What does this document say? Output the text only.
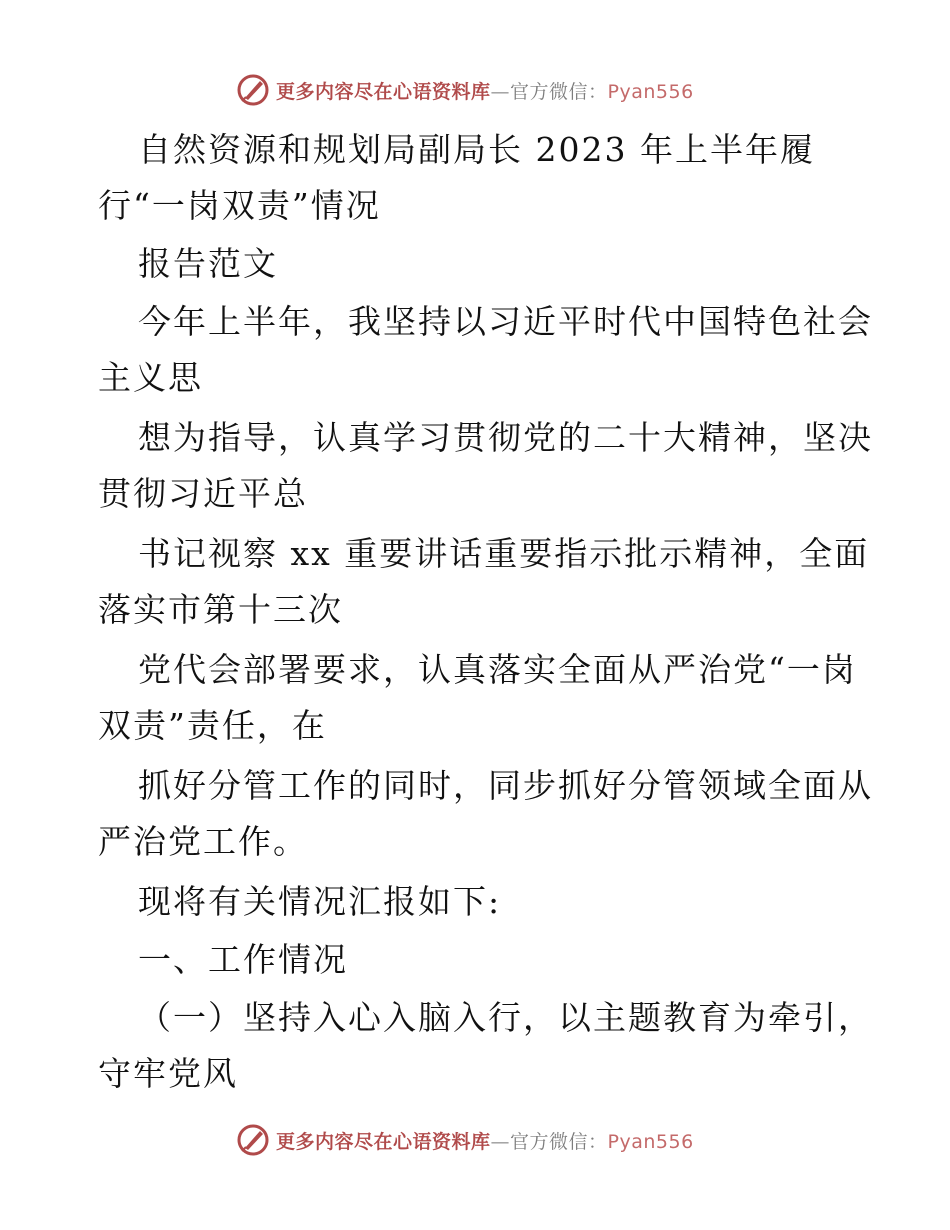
更多内容尽在心语资料库—官方微信：Pyan556
自然资源和规划局副局长 2023 年上半年履
行“一岗双责”情况
报告范文
今年上半年，我坚持以习近平时代中国特色社会
主义思
想为指导，认真学习贯彻党的二十大精神，坚决
贯彻习近平总
书记视察 xx 重要讲话重要指示批示精神，全面
落实市第十三次
党代会部署要求，认真落实全面从严治党“一岗
双责”责任，在
抓好分管工作的同时，同步抓好分管领域全面从
严治党工作。
现将有关情况汇报如下:
一、工作情况
（一）坚持入心入脑入行，以主题教育为牵引，
守牢党风
更多内容尽在心语资料库—官方微信：Pyan556
